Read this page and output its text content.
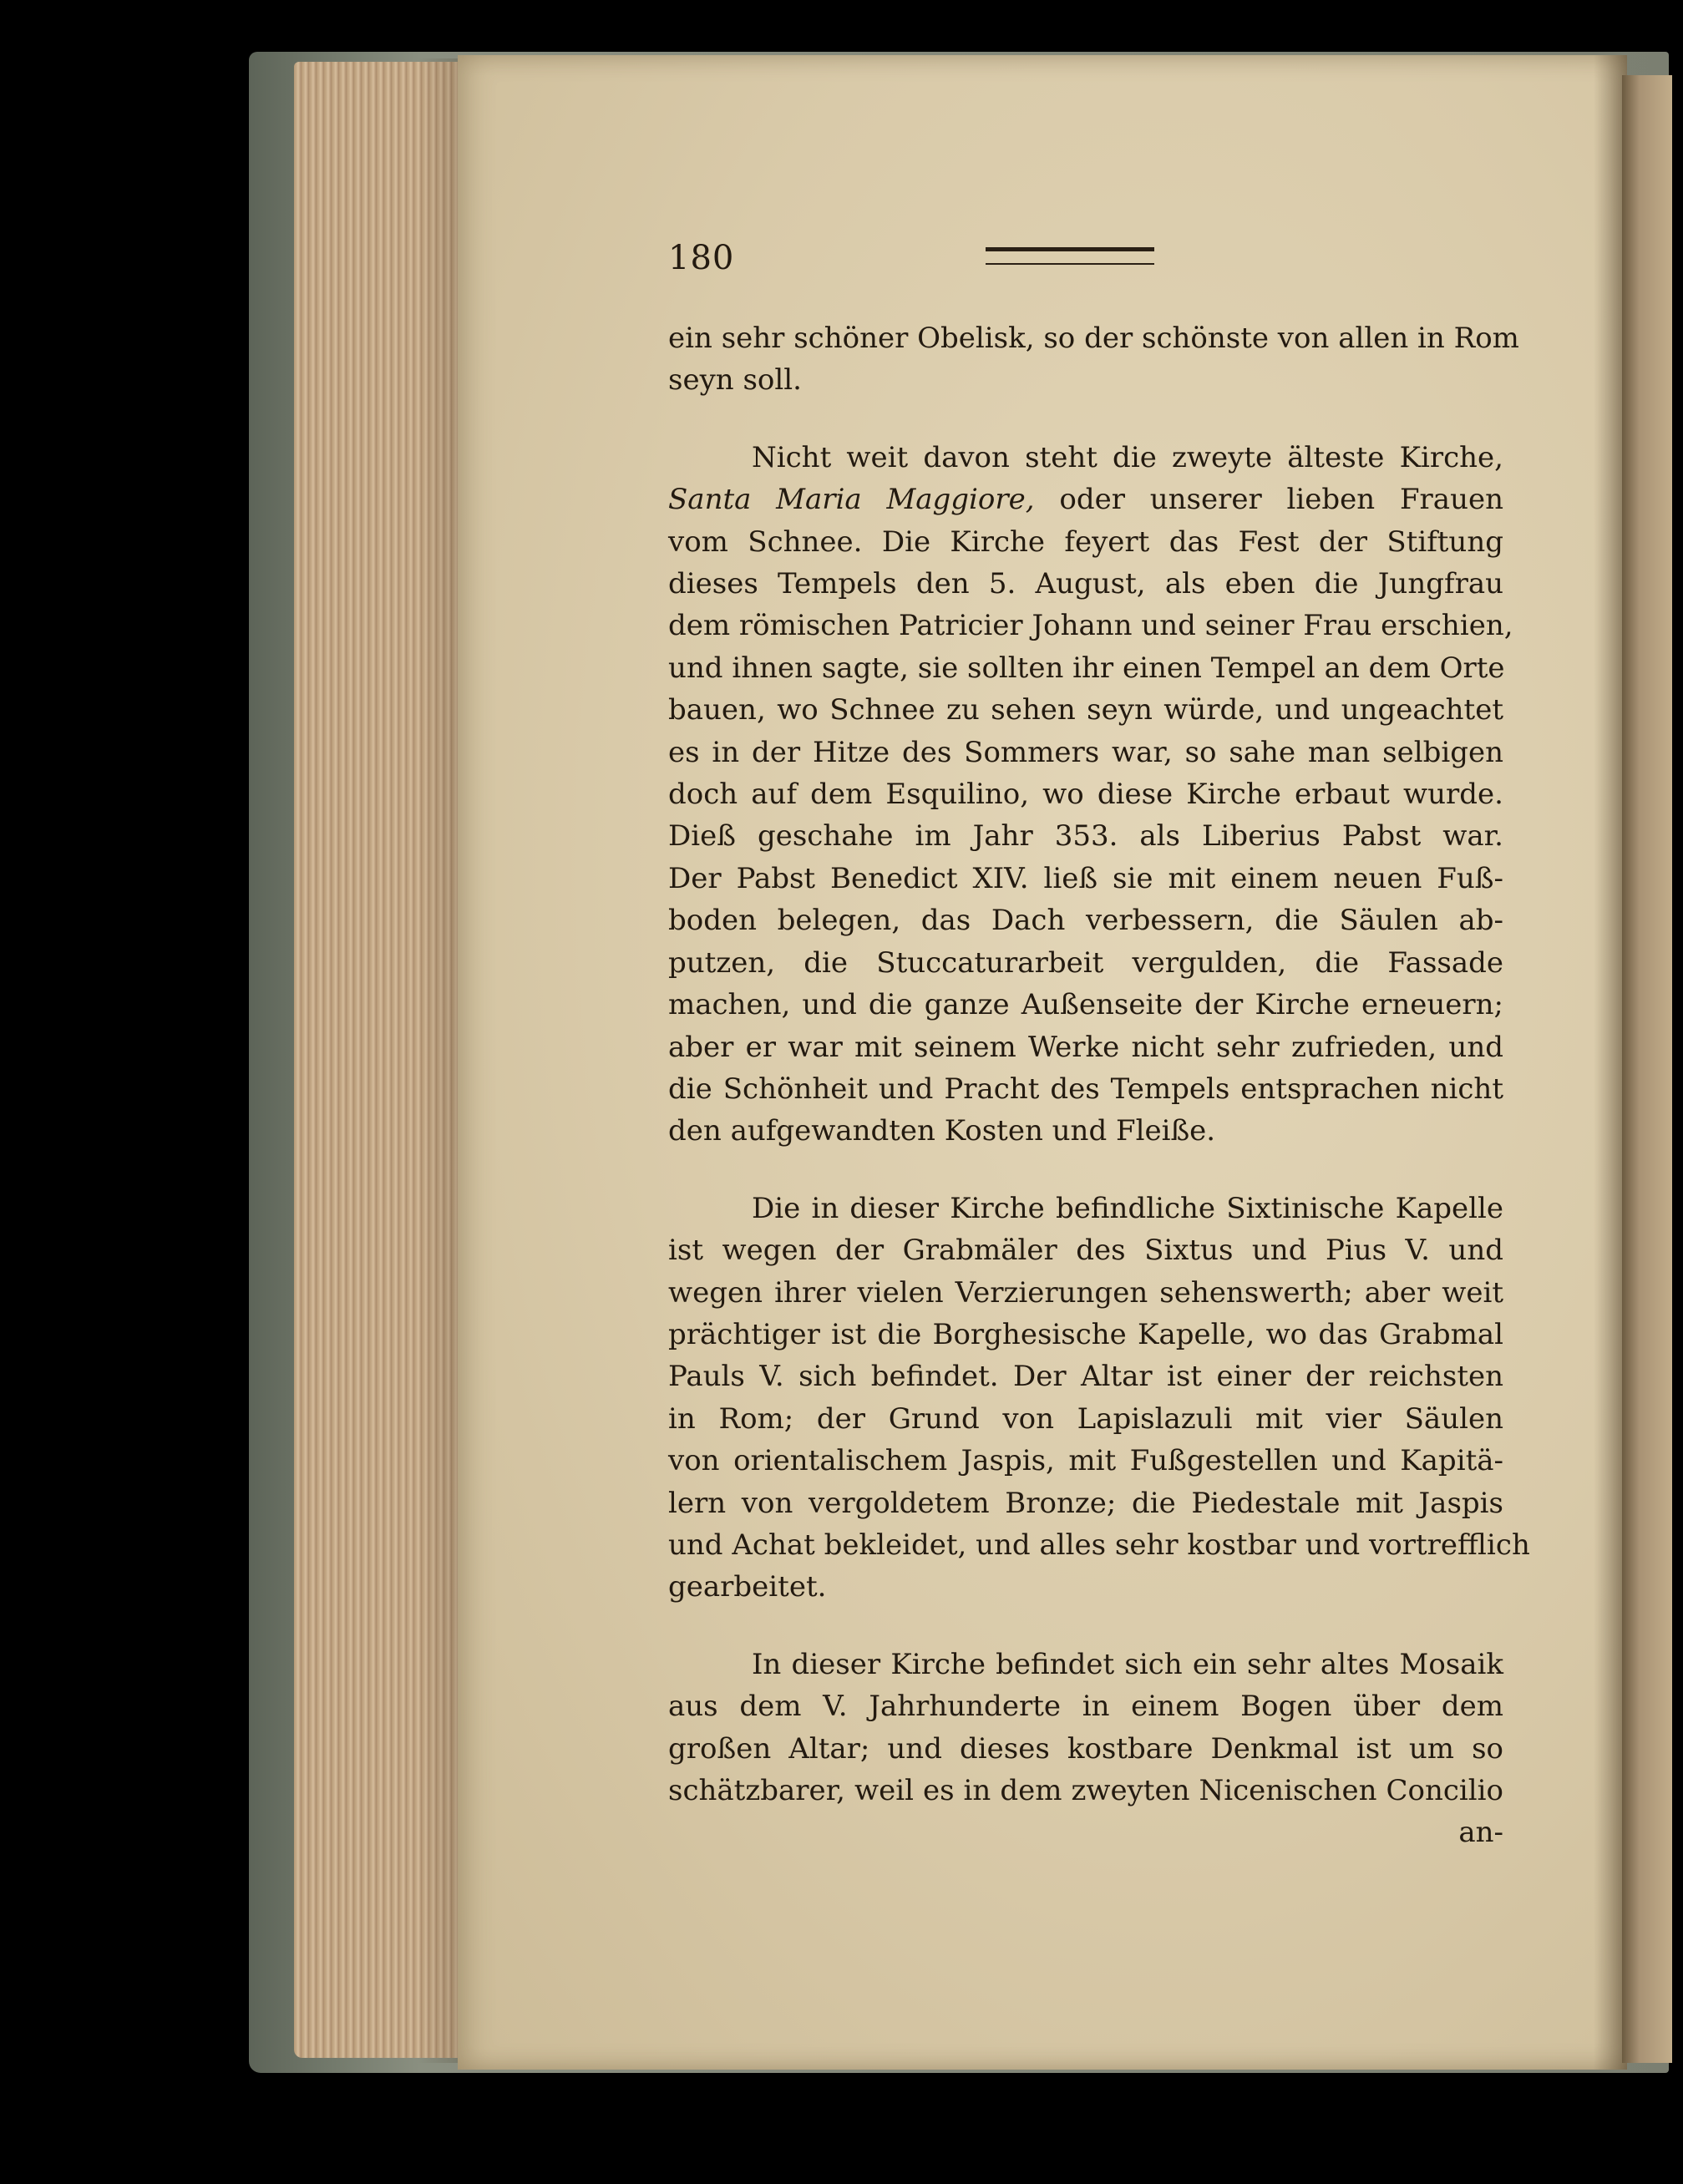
180

ein sehr schöner Obelisk, so der schönste von allen in Rom
seyn soll.

Nicht weit davon steht die zweyte älteste Kirche,
Santa Maria Maggiore, oder unserer lieben Frauen
vom Schnee. Die Kirche feyert das Fest der Stiftung
dieses Tempels den 5. August, als eben die Jungfrau
dem römischen Patricier Johann und seiner Frau erschien,
und ihnen sagte, sie sollten ihr einen Tempel an dem Orte
bauen, wo Schnee zu sehen seyn würde, und ungeachtet
es in der Hitze des Sommers war, so sahe man selbigen
doch auf dem Esquilino, wo diese Kirche erbaut wurde.
Dieß geschahe im Jahr 353. als Liberius Pabst war.
Der Pabst Benedict XIV. ließ sie mit einem neuen Fuß-
boden belegen, das Dach verbessern, die Säulen ab-
putzen, die Stuccaturarbeit vergulden, die Fassade
machen, und die ganze Außenseite der Kirche erneuern;
aber er war mit seinem Werke nicht sehr zufrieden, und
die Schönheit und Pracht des Tempels entsprachen nicht
den aufgewandten Kosten und Fleiße.

Die in dieser Kirche befindliche Sixtinische Kapelle
ist wegen der Grabmäler des Sixtus und Pius V. und
wegen ihrer vielen Verzierungen sehenswerth; aber weit
prächtiger ist die Borghesische Kapelle, wo das Grabmal
Pauls V. sich befindet. Der Altar ist einer der reichsten
in Rom; der Grund von Lapislazuli mit vier Säulen
von orientalischem Jaspis, mit Fußgestellen und Kapitä-
lern von vergoldetem Bronze; die Piedestale mit Jaspis
und Achat bekleidet, und alles sehr kostbar und vortrefflich
gearbeitet.

In dieser Kirche befindet sich ein sehr altes Mosaik
aus dem V. Jahrhunderte in einem Bogen über dem
großen Altar; und dieses kostbare Denkmal ist um so
schätzbarer, weil es in dem zweyten Nicenischen Concilio
an-
